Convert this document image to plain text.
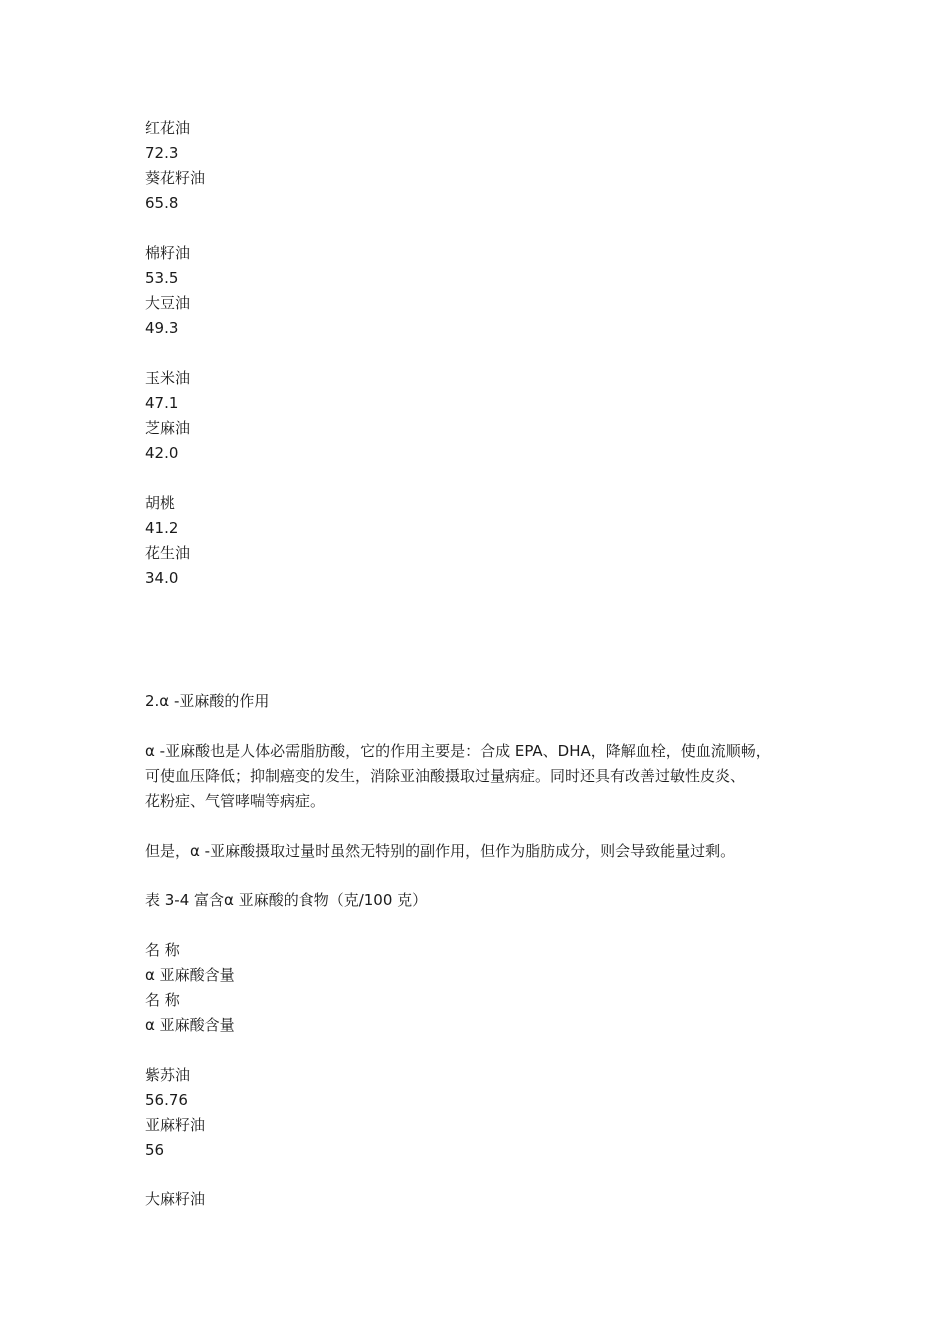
红花油
72.3
葵花籽油
65.8
棉籽油
53.5
大豆油
49.3
玉米油
47.1
芝麻油
42.0
胡桃
41.2
花生油
34.0
2.α -亚麻酸的作用
α -亚麻酸也是人体必需脂肪酸，它的作用主要是：合成 EPA、DHA，降解血栓，使血流顺畅，
可使血压降低；抑制癌变的发生，消除亚油酸摄取过量病症。同时还具有改善过敏性皮炎、
花粉症、气管哮喘等病症。
但是，α -亚麻酸摄取过量时虽然无特别的副作用，但作为脂肪成分，则会导致能量过剩。
表 3-4 富含α 亚麻酸的食物（克/100 克）
名 称
α 亚麻酸含量
名 称
α 亚麻酸含量
紫苏油
56.76
亚麻籽油
56
大麻籽油
